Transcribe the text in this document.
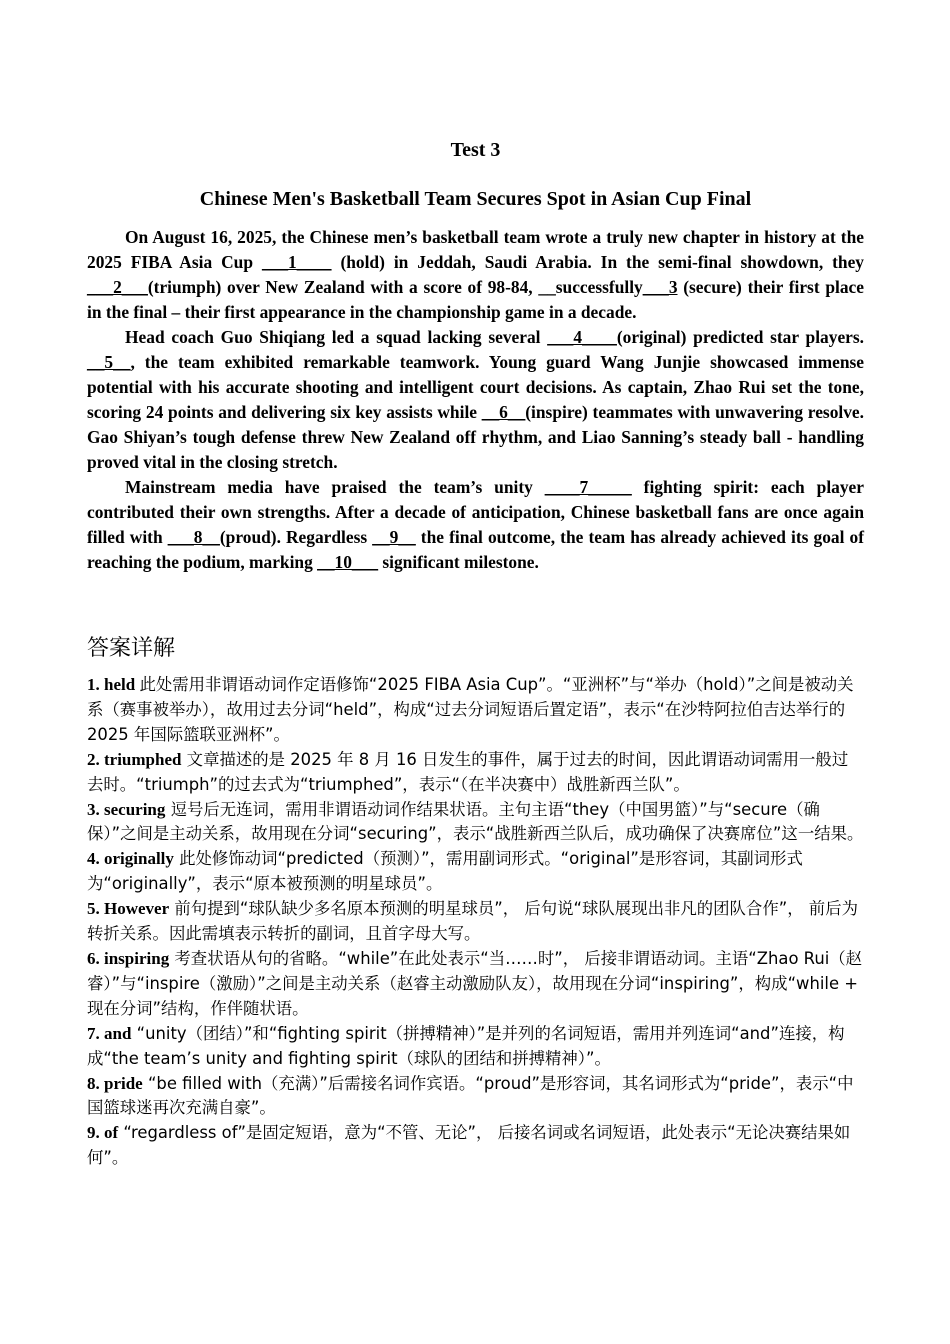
Test 3
Chinese Men's Basketball Team Secures Spot in Asian Cup Final

On August 16, 2025, the Chinese men’s basketball team wrote a truly new chapter in history at the 2025 FIBA Asia Cup ___1____ (hold) in Jeddah, Saudi Arabia. In the semi-final showdown, they ___2___(triumph) over New Zealand with a score of 98-84, __successfully___3 (secure) their first place in the final – their first appearance in the championship game in a decade.

Head coach Guo Shiqiang led a squad lacking several ___4____(original) predicted star players. __5__, the team exhibited remarkable teamwork. Young guard Wang Junjie showcased immense potential with his accurate shooting and intelligent court decisions. As captain, Zhao Rui set the tone, scoring 24 points and delivering six key assists while __6__(inspire) teammates with unwavering resolve. Gao Shiyan’s tough defense threw New Zealand off rhythm, and Liao Sanning’s steady ball - handling proved vital in the closing stretch.

Mainstream media have praised the team’s unity ____7_____ fighting spirit: each player contributed their own strengths. After a decade of anticipation, Chinese basketball fans are once again filled with ___8__(proud). Regardless __9__ the final outcome, the team has already achieved its goal of reaching the podium, marking __10___ significant milestone.

答案详解

1. held 此处需用非谓语动词作定语修饰“2025 FIBA Asia Cup”。“亚洲杯”与“举办（hold）”之间是被动关系（赛事被举办），故用过去分词“held”，构成“过去分词短语后置定语”，表示“在沙特阿拉伯吉达举行的 2025 年国际篮联亚洲杯”。

2. triumphed 文章描述的是 2025 年 8 月 16 日发生的事件，属于过去的时间，因此谓语动词需用一般过去时。“triumph”的过去式为“triumphed”，表示“（在半决赛中）战胜新西兰队”。

3. securing 逗号后无连词，需用非谓语动词作结果状语。主句主语“they（中国男篮）”与“secure（确保）”之间是主动关系，故用现在分词“securing”，表示“战胜新西兰队后，成功确保了决赛席位”这一结果。

4. originally 此处修饰动词“predicted（预测）”，需用副词形式。“original”是形容词，其副词形式为“originally”，表示“原本被预测的明星球员”。

5. However 前句提到“球队缺少多名原本预测的明星球员”， 后句说“球队展现出非凡的团队合作”， 前后为转折关系。因此需填表示转折的副词，且首字母大写。

6. inspiring 考查状语从句的省略。“while”在此处表示“当……时”， 后接非谓语动词。主语“Zhao Rui（赵睿）”与“inspire（激励）”之间是主动关系（赵睿主动激励队友），故用现在分词“inspiring”，构成“while + 现在分词”结构，作伴随状语。

7. and “unity（团结）”和“fighting spirit（拼搏精神）”是并列的名词短语，需用并列连词“and”连接，构成“the team’s unity and fighting spirit（球队的团结和拼搏精神）”。

8. pride “be filled with（充满）”后需接名词作宾语。“proud”是形容词，其名词形式为“pride”，表示“中国篮球迷再次充满自豪”。

9. of “regardless of”是固定短语，意为“不管、无论”， 后接名词或名词短语，此处表示“无论决赛结果如何”。
